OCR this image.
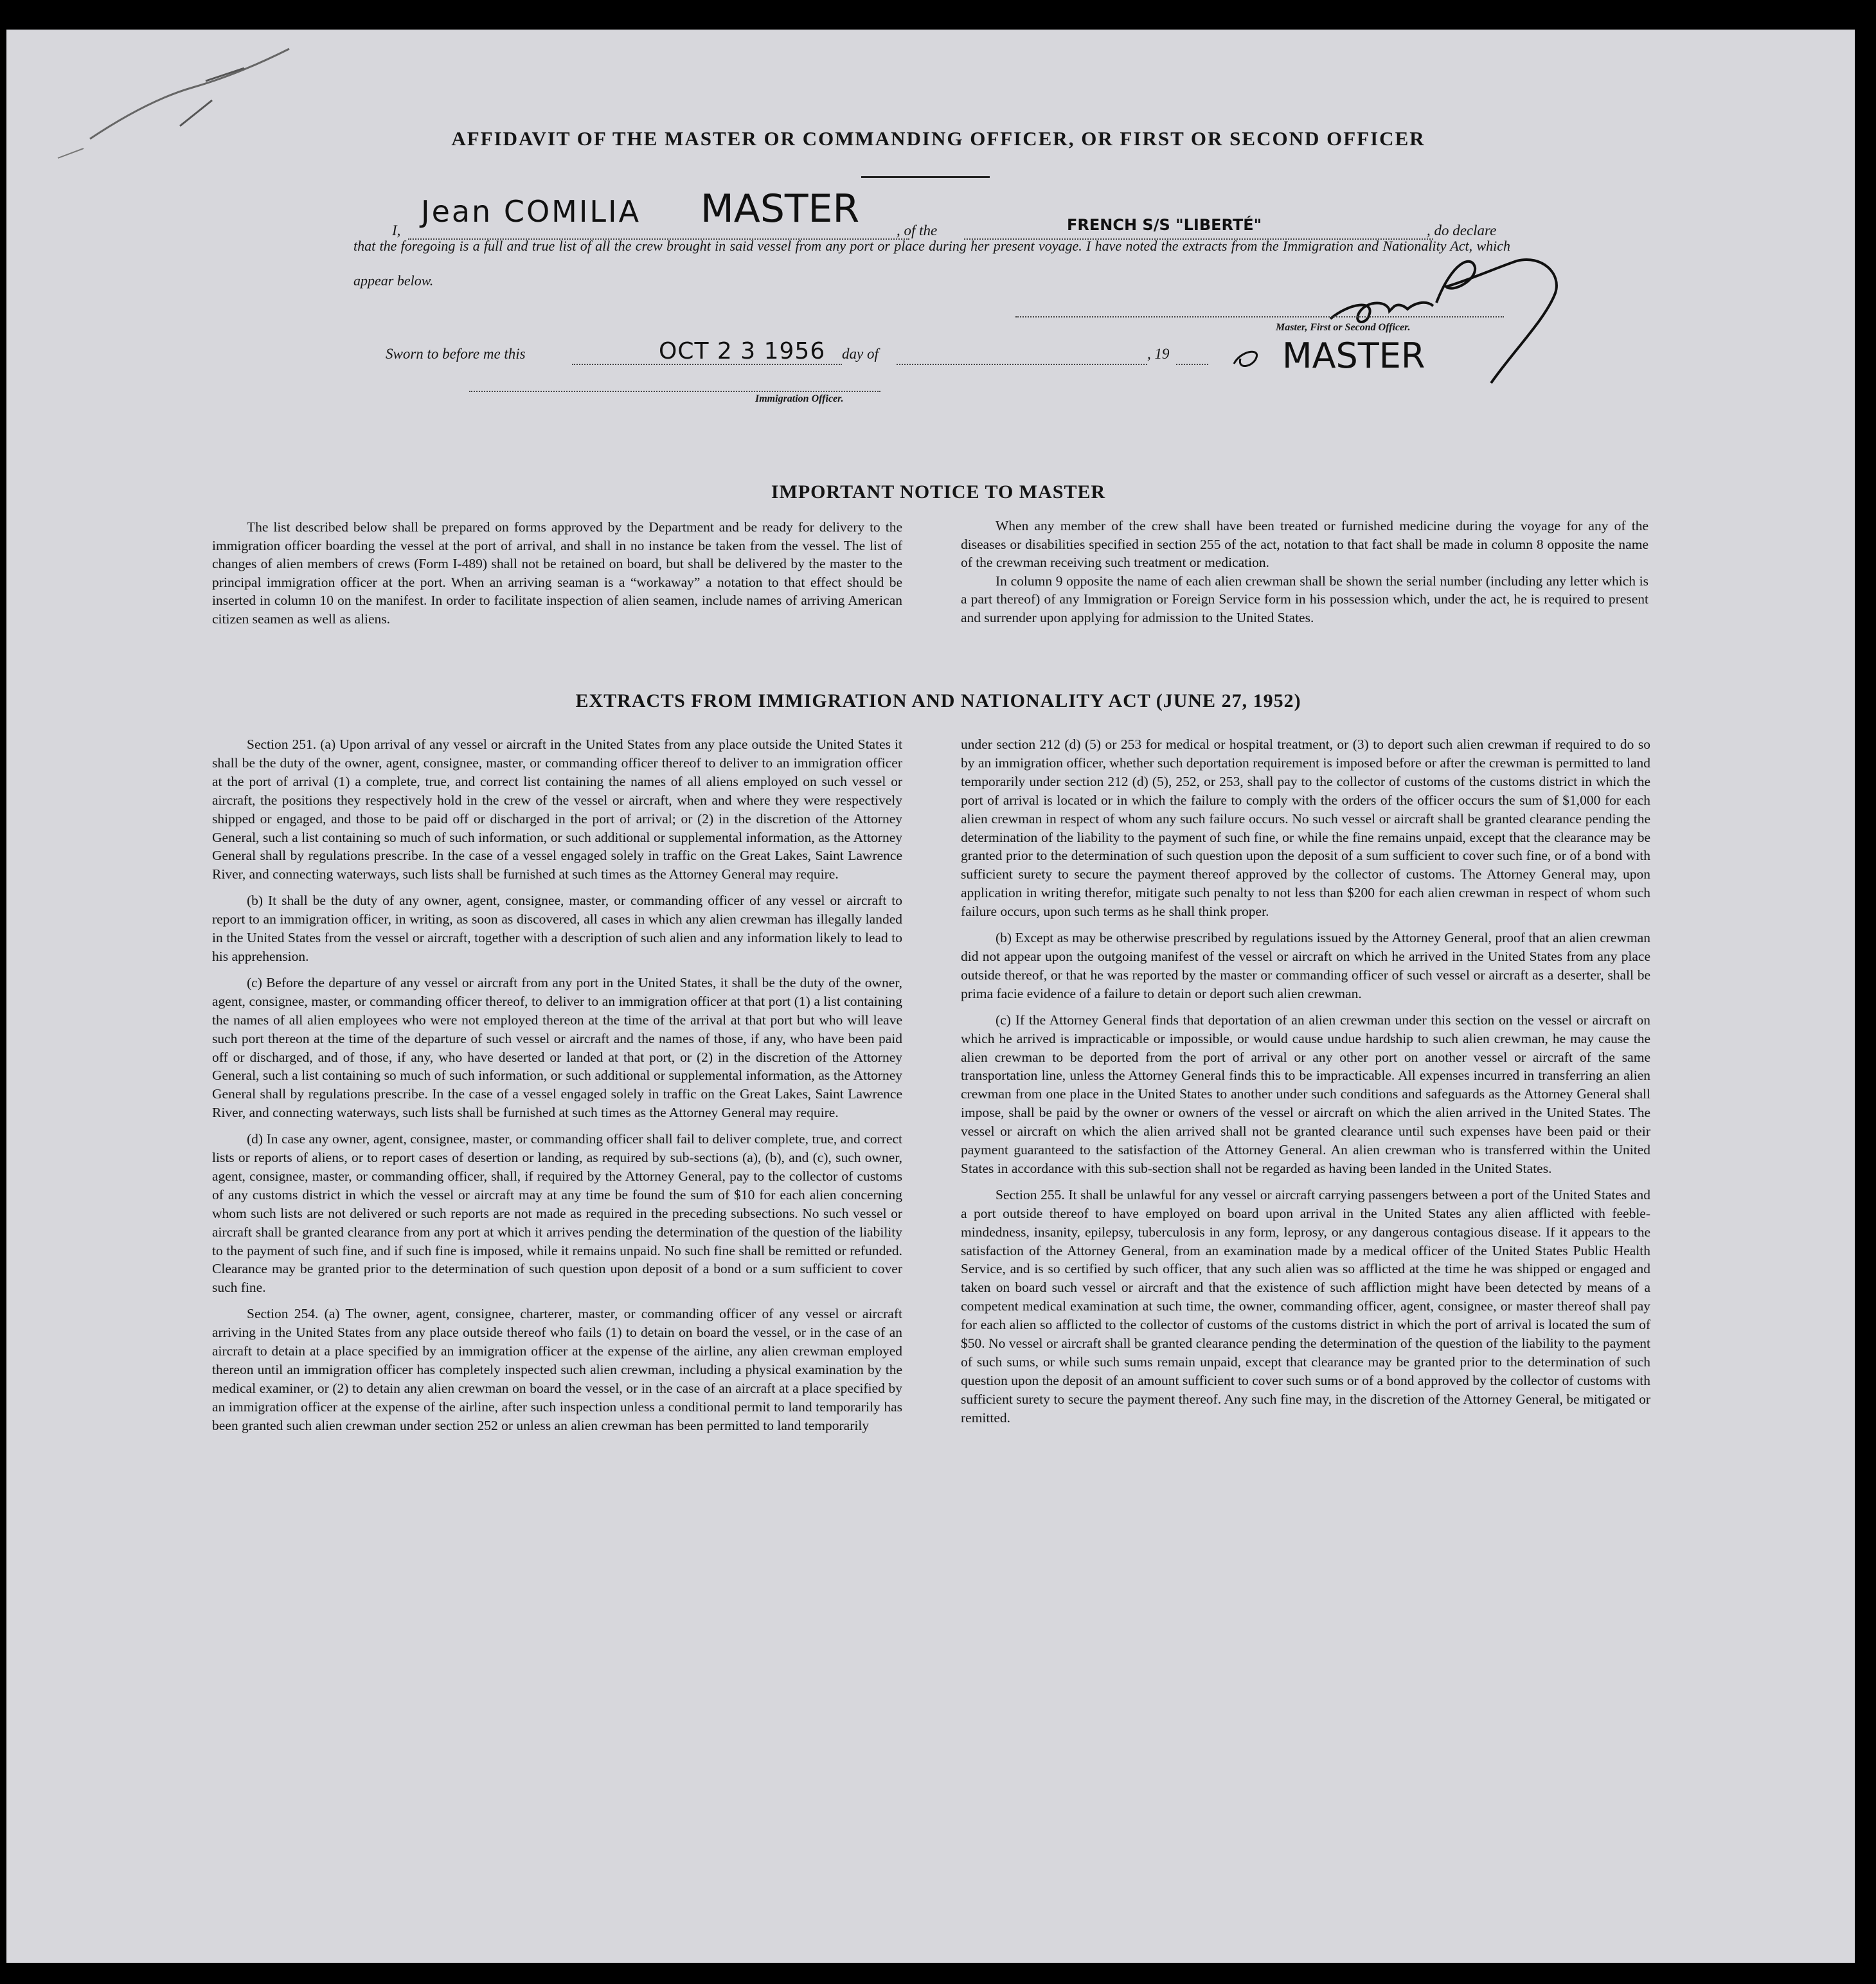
AFFIDAVIT OF THE MASTER OR COMMANDING OFFICER, OR FIRST OR SECOND OFFICER
I,
Jean COMILIA MASTER	, of the	FRENCH S/S "LIBERTÉ"	, do declare
that the foregoing is a full and true list of all the crew brought in said vessel from any port or place during her present voyage. I have noted the extracts from the Immigration and Nationality Act, which appear below.
Master, First or Second Officer.
MASTER
Sworn to before me this	OCT 2 3 1956 day of	, 19
Immigration Officer.
IMPORTANT NOTICE TO MASTER

The list described below shall be prepared on forms approved by the Department and be ready for delivery to the immigration officer boarding the vessel at the port of arrival, and shall in no instance be taken from the vessel. The list of changes of alien members of crews (Form I-489) shall not be retained on board, but shall be delivered by the master to the principal immigration officer at the port. When an arriving seaman is a “workaway” a notation to that effect should be inserted in column 10 on the manifest. In order to facilitate inspection of alien seamen, include names of arriving American citizen seamen as well as aliens.

When any member of the crew shall have been treated or furnished medicine during the voyage for any of the diseases or disabilities specified in section 255 of the act, notation to that fact shall be made in column 8 opposite the name of the crewman receiving such treatment or medication.

In column 9 opposite the name of each alien crewman shall be shown the serial number (including any letter which is a part thereof) of any Immigration or Foreign Service form in his possession which, under the act, he is required to present and surrender upon applying for admission to the United States.

EXTRACTS FROM IMMIGRATION AND NATIONALITY ACT (JUNE 27, 1952)

Section 251. (a) Upon arrival of any vessel or aircraft in the United States from any place outside the United States it shall be the duty of the owner, agent, consignee, master, or commanding officer thereof to deliver to an immigration officer at the port of arrival (1) a complete, true, and correct list containing the names of all aliens employed on such vessel or aircraft, the positions they respectively hold in the crew of the vessel or aircraft, when and where they were respectively shipped or engaged, and those to be paid off or discharged in the port of arrival; or (2) in the discretion of the Attorney General, such a list containing so much of such information, or such additional or supplemental information, as the Attorney General shall by regulations prescribe. In the case of a vessel engaged solely in traffic on the Great Lakes, Saint Lawrence River, and connecting waterways, such lists shall be furnished at such times as the Attorney General may require.

(b) It shall be the duty of any owner, agent, consignee, master, or commanding officer of any vessel or aircraft to report to an immigration officer, in writing, as soon as discovered, all cases in which any alien crewman has illegally landed in the United States from the vessel or aircraft, together with a description of such alien and any information likely to lead to his apprehension.

(c) Before the departure of any vessel or aircraft from any port in the United States, it shall be the duty of the owner, agent, consignee, master, or commanding officer thereof, to deliver to an immigration officer at that port (1) a list containing the names of all alien employees who were not employed thereon at the time of the arrival at that port but who will leave such port thereon at the time of the departure of such vessel or aircraft and the names of those, if any, who have been paid off or discharged, and of those, if any, who have deserted or landed at that port, or (2) in the discretion of the Attorney General, such a list containing so much of such information, or such additional or supplemental information, as the Attorney General shall by regulations prescribe. In the case of a vessel engaged solely in traffic on the Great Lakes, Saint Lawrence River, and connecting waterways, such lists shall be furnished at such times as the Attorney General may require.

(d) In case any owner, agent, consignee, master, or commanding officer shall fail to deliver complete, true, and correct lists or reports of aliens, or to report cases of desertion or landing, as required by sub-sections (a), (b), and (c), such owner, agent, consignee, master, or commanding officer, shall, if required by the Attorney General, pay to the collector of customs of any customs district in which the vessel or aircraft may at any time be found the sum of $10 for each alien concerning whom such lists are not delivered or such reports are not made as required in the preceding subsections. No such vessel or aircraft shall be granted clearance from any port at which it arrives pending the determination of the question of the liability to the payment of such fine, and if such fine is imposed, while it remains unpaid. No such fine shall be remitted or refunded. Clearance may be granted prior to the determination of such question upon deposit of a bond or a sum sufficient to cover such fine.

Section 254. (a) The owner, agent, consignee, charterer, master, or commanding officer of any vessel or aircraft arriving in the United States from any place outside thereof who fails (1) to detain on board the vessel, or in the case of an aircraft to detain at a place specified by an immigration officer at the expense of the airline, any alien crewman employed thereon until an immigration officer has completely inspected such alien crewman, including a physical examination by the medical examiner, or (2) to detain any alien crewman on board the vessel, or in the case of an aircraft at a place specified by an immigration officer at the expense of the airline, after such inspection unless a conditional permit to land temporarily has been granted such alien crewman under section 252 or unless an alien crewman has been permitted to land temporarily

under section 212 (d) (5) or 253 for medical or hospital treatment, or (3) to deport such alien crewman if required to do so by an immigration officer, whether such deportation requirement is imposed before or after the crewman is permitted to land temporarily under section 212 (d) (5), 252, or 253, shall pay to the collector of customs of the customs district in which the port of arrival is located or in which the failure to comply with the orders of the officer occurs the sum of $1,000 for each alien crewman in respect of whom any such failure occurs. No such vessel or aircraft shall be granted clearance pending the determination of the liability to the payment of such fine, or while the fine remains unpaid, except that the clearance may be granted prior to the determination of such question upon the deposit of a sum sufficient to cover such fine, or of a bond with sufficient surety to secure the payment thereof approved by the collector of customs. The Attorney General may, upon application in writing therefor, mitigate such penalty to not less than $200 for each alien crewman in respect of whom such failure occurs, upon such terms as he shall think proper.

(b) Except as may be otherwise prescribed by regulations issued by the Attorney General, proof that an alien crewman did not appear upon the outgoing manifest of the vessel or aircraft on which he arrived in the United States from any place outside thereof, or that he was reported by the master or commanding officer of such vessel or aircraft as a deserter, shall be prima facie evidence of a failure to detain or deport such alien crewman.

(c) If the Attorney General finds that deportation of an alien crewman under this section on the vessel or aircraft on which he arrived is impracticable or impossible, or would cause undue hardship to such alien crewman, he may cause the alien crewman to be deported from the port of arrival or any other port on another vessel or aircraft of the same transportation line, unless the Attorney General finds this to be impracticable. All expenses incurred in transferring an alien crewman from one place in the United States to another under such conditions and safeguards as the Attorney General shall impose, shall be paid by the owner or owners of the vessel or aircraft on which the alien arrived in the United States. The vessel or aircraft on which the alien arrived shall not be granted clearance until such expenses have been paid or their payment guaranteed to the satisfaction of the Attorney General. An alien crewman who is transferred within the United States in accordance with this sub-section shall not be regarded as having been landed in the United States.

Section 255. It shall be unlawful for any vessel or aircraft carrying passengers between a port of the United States and a port outside thereof to have employed on board upon arrival in the United States any alien afflicted with feeble-mindedness, insanity, epilepsy, tuberculosis in any form, leprosy, or any dangerous contagious disease. If it appears to the satisfaction of the Attorney General, from an examination made by a medical officer of the United States Public Health Service, and is so certified by such officer, that any such alien was so afflicted at the time he was shipped or engaged and taken on board such vessel or aircraft and that the existence of such affliction might have been detected by means of a competent medical examination at such time, the owner, commanding officer, agent, consignee, or master thereof shall pay for each alien so afflicted to the collector of customs of the customs district in which the port of arrival is located the sum of $50. No vessel or aircraft shall be granted clearance pending the determination of the question of the liability to the payment of such sums, or while such sums remain unpaid, except that clearance may be granted prior to the determination of such question upon the deposit of an amount sufficient to cover such sums or of a bond approved by the collector of customs with sufficient surety to secure the payment thereof. Any such fine may, in the discretion of the Attorney General, be mitigated or remitted.
